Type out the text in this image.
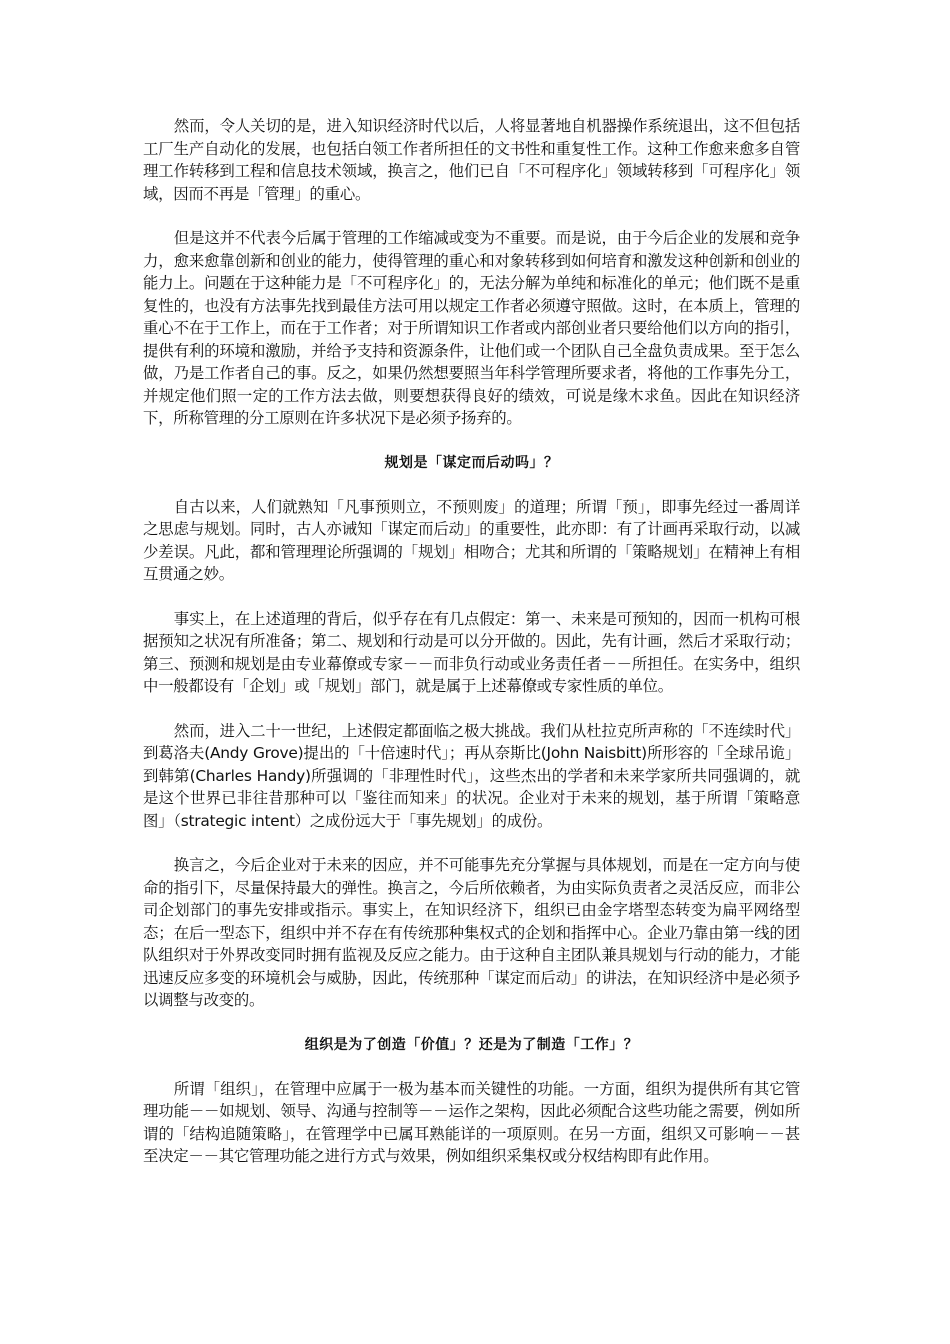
然而，令人关切的是，进入知识经济时代以后，人将显著地自机器操作系统退出，这不但包括工厂生产自动化的发展，也包括白领工作者所担任的文书性和重复性工作。这种工作愈来愈多自管理工作转移到工程和信息技术领域，换言之，他们已自「不可程序化」领域转移到「可程序化」领域，因而不再是「管理」的重心。

但是这并不代表今后属于管理的工作缩减或变为不重要。而是说，由于今后企业的发展和竞争力，愈来愈靠创新和创业的能力，使得管理的重心和对象转移到如何培育和激发这种创新和创业的能力上。问题在于这种能力是「不可程序化」的，无法分解为单纯和标准化的单元；他们既不是重复性的，也没有方法事先找到最佳方法可用以规定工作者必须遵守照做。这时，在本质上，管理的重心不在于工作上，而在于工作者；对于所谓知识工作者或内部创业者只要给他们以方向的指引，提供有利的环境和激励，并给予支持和资源条件，让他们或一个团队自己全盘负责成果。至于怎么做，乃是工作者自己的事。反之，如果仍然想要照当年科学管理所要求者，将他的工作事先分工，并规定他们照一定的工作方法去做，则要想获得良好的绩效，可说是缘木求鱼。因此在知识经济下，所称管理的分工原则在许多状况下是必须予扬弃的。

规划是「谋定而后动吗」？

自古以来，人们就熟知「凡事预则立，不预则废」的道理；所谓「预」，即事先经过一番周详之思虑与规划。同时，古人亦诫知「谋定而后动」的重要性，此亦即：有了计画再采取行动，以减少差误。凡此，都和管理理论所强调的「规划」相吻合；尤其和所谓的「策略规划」在精神上有相互贯通之妙。

事实上，在上述道理的背后，似乎存在有几点假定：第一、未来是可预知的，因而一机构可根据预知之状况有所准备；第二、规划和行动是可以分开做的。因此，先有计画，然后才采取行动；第三、预测和规划是由专业幕僚或专家－－而非负行动或业务责任者－－所担任。在实务中，组织中一般都设有「企划」或「规划」部门，就是属于上述幕僚或专家性质的单位。

然而，进入二十一世纪，上述假定都面临之极大挑战。我们从杜拉克所声称的「不连续时代」到葛洛夫(Andy Grove)提出的「十倍速时代」；再从奈斯比(John Naisbitt)所形容的「全球吊诡」到韩第(Charles Handy)所强调的「非理性时代」，这些杰出的学者和未来学家所共同强调的，就是这个世界已非往昔那种可以「鉴往而知来」的状况。企业对于未来的规划，基于所谓「策略意图」（strategic intent）之成份远大于「事先规划」的成份。

换言之，今后企业对于未来的因应，并不可能事先充分掌握与具体规划，而是在一定方向与使命的指引下，尽量保持最大的弹性。换言之，今后所依赖者，为由实际负责者之灵活反应，而非公司企划部门的事先安排或指示。事实上，在知识经济下，组织已由金字塔型态转变为扁平网络型态；在后一型态下，组织中并不存在有传统那种集权式的企划和指挥中心。企业乃靠由第一线的团队组织对于外界改变同时拥有监视及反应之能力。由于这种自主团队兼具规划与行动的能力，才能迅速反应多变的环境机会与威胁，因此，传统那种「谋定而后动」的讲法，在知识经济中是必须予以调整与改变的。

组织是为了创造「价值」？还是为了制造「工作」？

所谓「组织」，在管理中应属于一极为基本而关键性的功能。一方面，组织为提供所有其它管理功能－－如规划、领导、沟通与控制等－－运作之架构，因此必须配合这些功能之需要，例如所谓的「结构追随策略」，在管理学中已属耳熟能详的一项原则。在另一方面，组织又可影响－－甚至决定－－其它管理功能之进行方式与效果，例如组织采集权或分权结构即有此作用。
